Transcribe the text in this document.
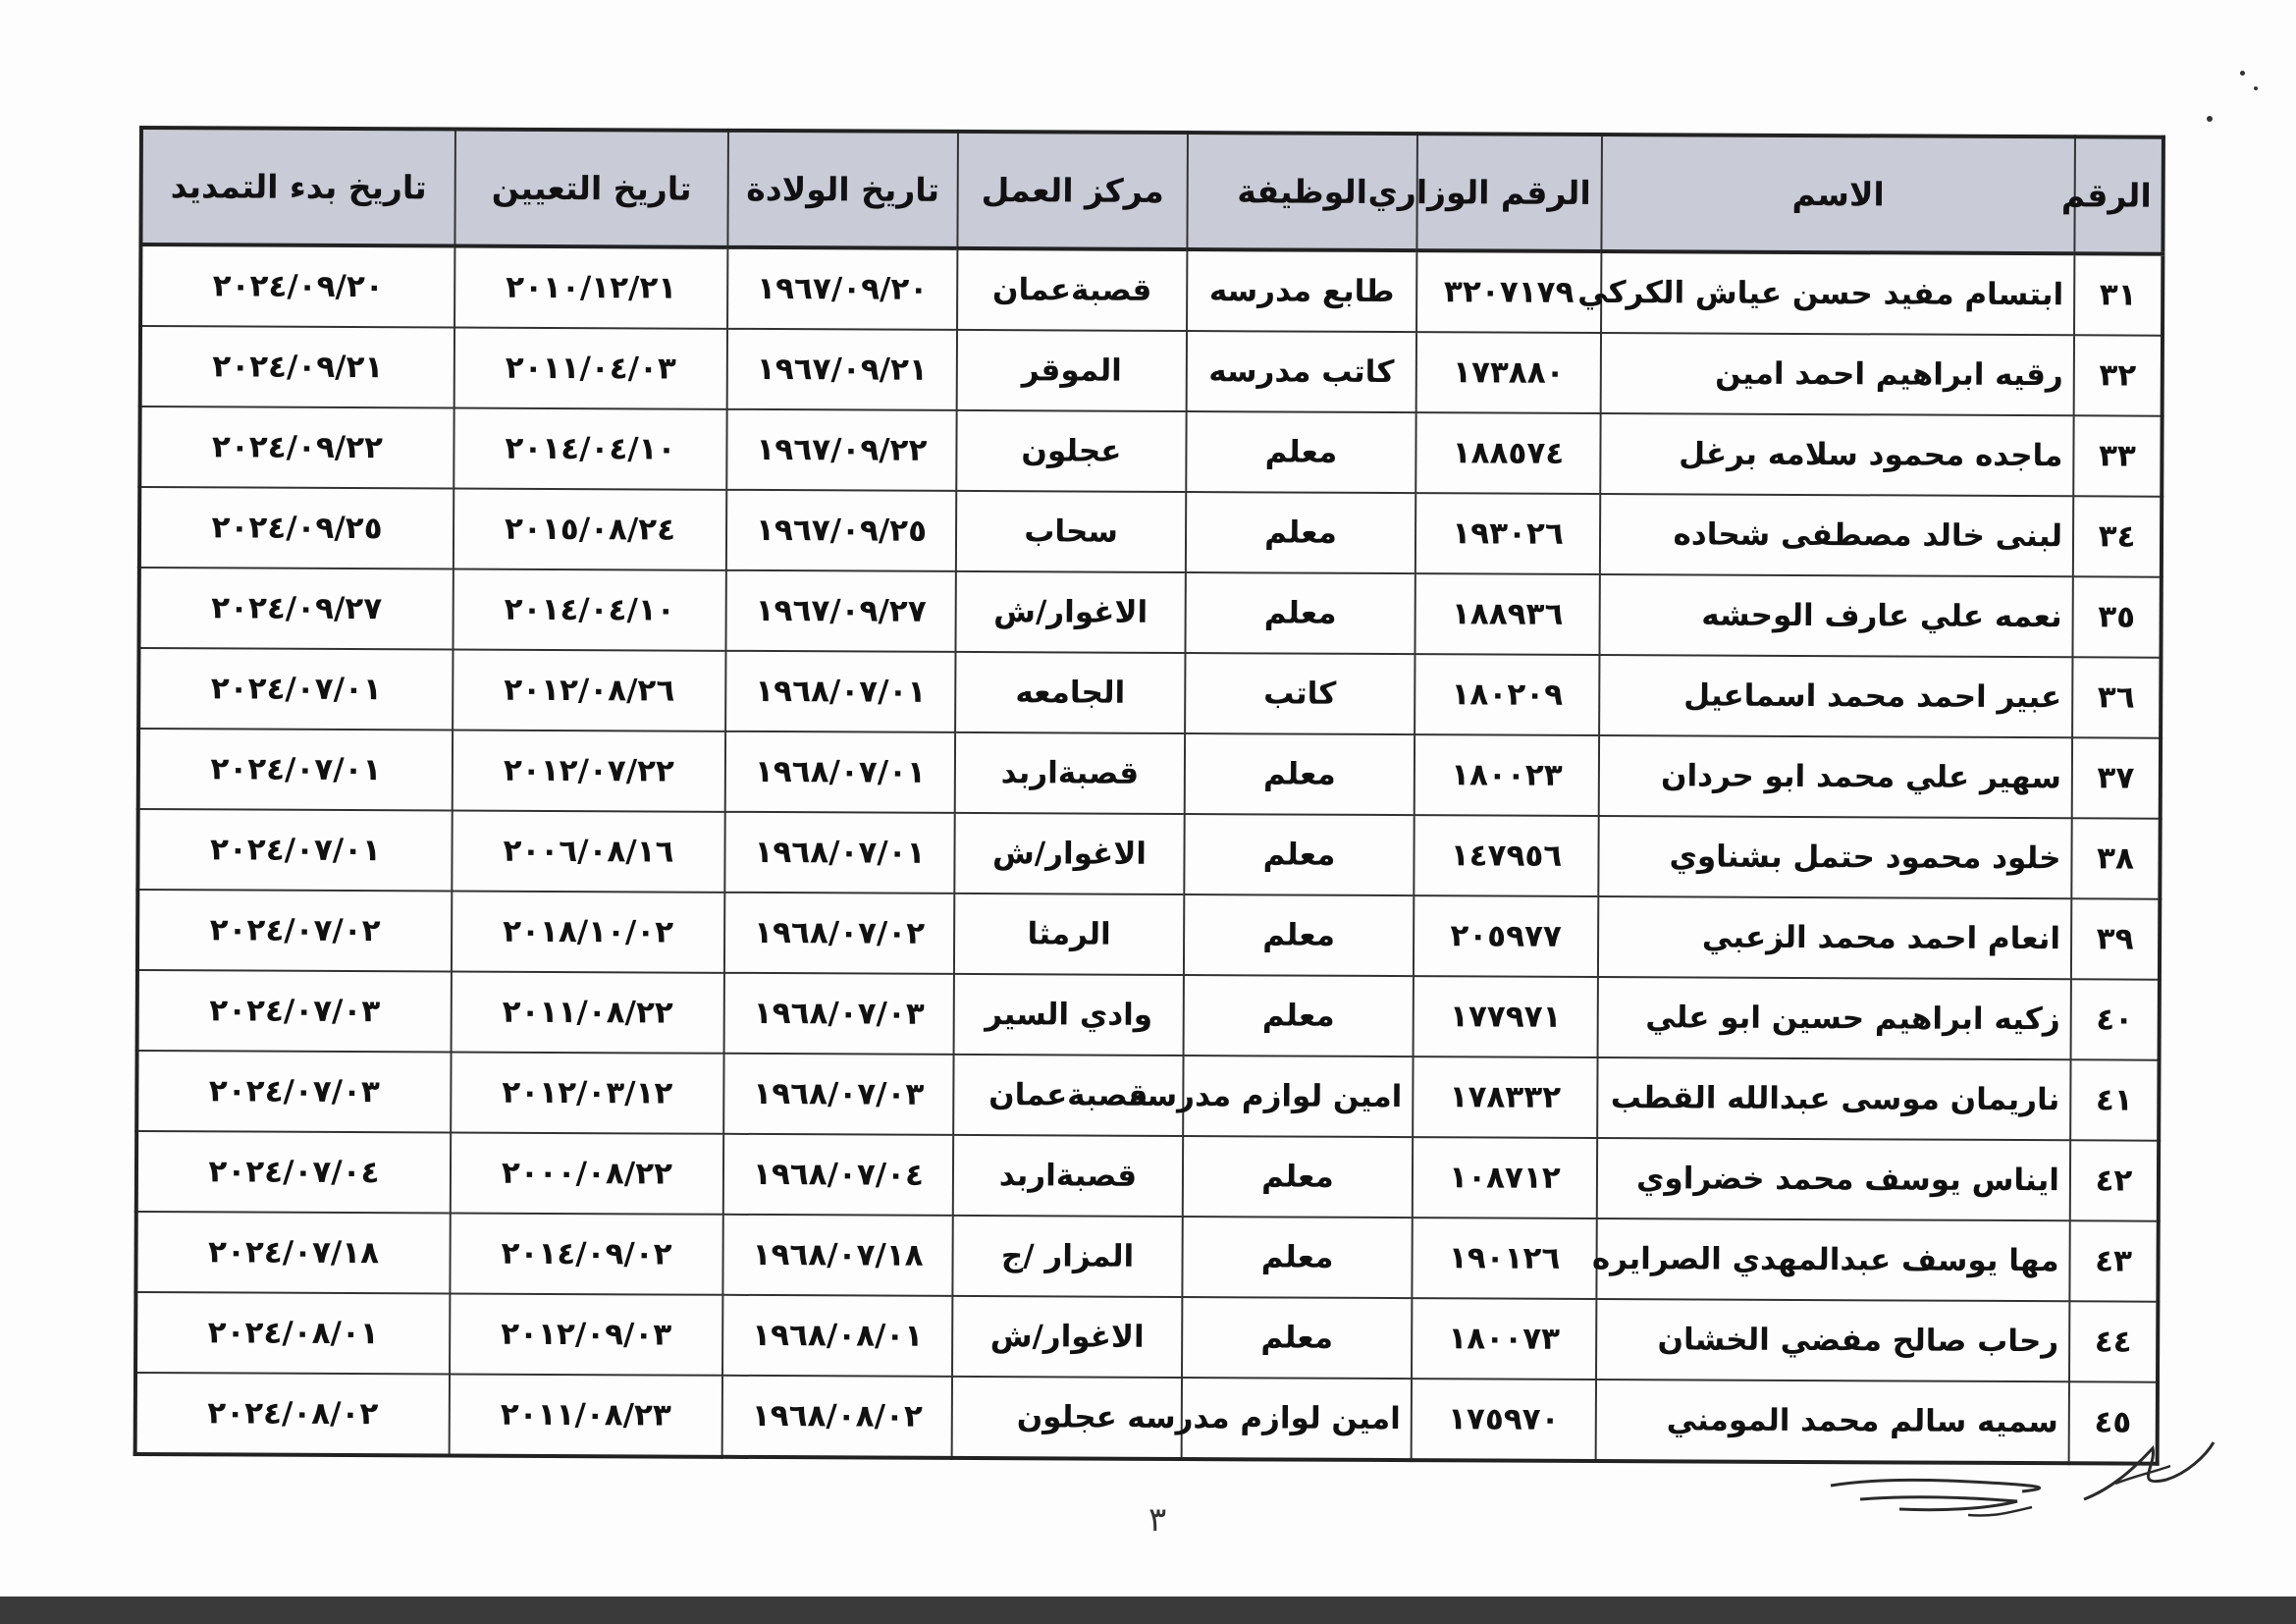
الرقم	الاسم	الرقم الوزاري	الوظيفة	مركز العمل	تاريخ الولادة	تاريخ التعيين	تاريخ بدء التمديد
٣١	ابتسام مفيد حسن عياش الكركي	٣٢٠٧١٧٩	طابع مدرسه	قصبةعمان	١٩٦٧/٠٩/٢٠	٢٠١٠/١٢/٢١	٢٠٢٤/٠٩/٢٠
٣٢	رقيه ابراهيم احمد امين	١٧٣٨٨٠	كاتب مدرسه	الموقر	١٩٦٧/٠٩/٢١	٢٠١١/٠٤/٠٣	٢٠٢٤/٠٩/٢١
٣٣	ماجده محمود سلامه برغل	١٨٨٥٧٤	معلم	عجلون	١٩٦٧/٠٩/٢٢	٢٠١٤/٠٤/١٠	٢٠٢٤/٠٩/٢٢
٣٤	لبنى خالد مصطفى شحاده	١٩٣٠٢٦	معلم	سحاب	١٩٦٧/٠٩/٢٥	٢٠١٥/٠٨/٢٤	٢٠٢٤/٠٩/٢٥
٣٥	نعمه علي عارف الوحشه	١٨٨٩٣٦	معلم	الاغوار/ش	١٩٦٧/٠٩/٢٧	٢٠١٤/٠٤/١٠	٢٠٢٤/٠٩/٢٧
٣٦	عبير احمد محمد اسماعيل	١٨٠٢٠٩	كاتب	الجامعه	١٩٦٨/٠٧/٠١	٢٠١٢/٠٨/٢٦	٢٠٢٤/٠٧/٠١
٣٧	سهير علي محمد ابو حردان	١٨٠٠٢٣	معلم	قصبةاربد	١٩٦٨/٠٧/٠١	٢٠١٢/٠٧/٢٢	٢٠٢٤/٠٧/٠١
٣٨	خلود محمود حتمل بشناوي	١٤٧٩٥٦	معلم	الاغوار/ش	١٩٦٨/٠٧/٠١	٢٠٠٦/٠٨/١٦	٢٠٢٤/٠٧/٠١
٣٩	انعام احمد محمد الزعبي	٢٠٥٩٧٧	معلم	الرمثا	١٩٦٨/٠٧/٠٢	٢٠١٨/١٠/٠٢	٢٠٢٤/٠٧/٠٢
٤٠	زكيه ابراهيم حسين ابو علي	١٧٧٩٧١	معلم	وادي السير	١٩٦٨/٠٧/٠٣	٢٠١١/٠٨/٢٢	٢٠٢٤/٠٧/٠٣
٤١	ناريمان موسى عبدالله القطب	١٧٨٣٣٢	امين لوازم مدرسه	قصبةعمان	١٩٦٨/٠٧/٠٣	٢٠١٢/٠٣/١٢	٢٠٢٤/٠٧/٠٣
٤٢	ايناس يوسف محمد خضراوي	١٠٨٧١٢	معلم	قصبةاربد	١٩٦٨/٠٧/٠٤	٢٠٠٠/٠٨/٢٢	٢٠٢٤/٠٧/٠٤
٤٣	مها يوسف عبدالمهدي الصرايره	١٩٠١٢٦	معلم	المزار /ج	١٩٦٨/٠٧/١٨	٢٠١٤/٠٩/٠٢	٢٠٢٤/٠٧/١٨
٤٤	رحاب صالح مفضي الخشان	١٨٠٠٧٣	معلم	الاغوار/ش	١٩٦٨/٠٨/٠١	٢٠١٢/٠٩/٠٣	٢٠٢٤/٠٨/٠١
٤٥	سميه سالم محمد المومني	١٧٥٩٧٠	امين لوازم مدرسه	عجلون	١٩٦٨/٠٨/٠٢	٢٠١١/٠٨/٢٣	٢٠٢٤/٠٨/٠٢
٣
